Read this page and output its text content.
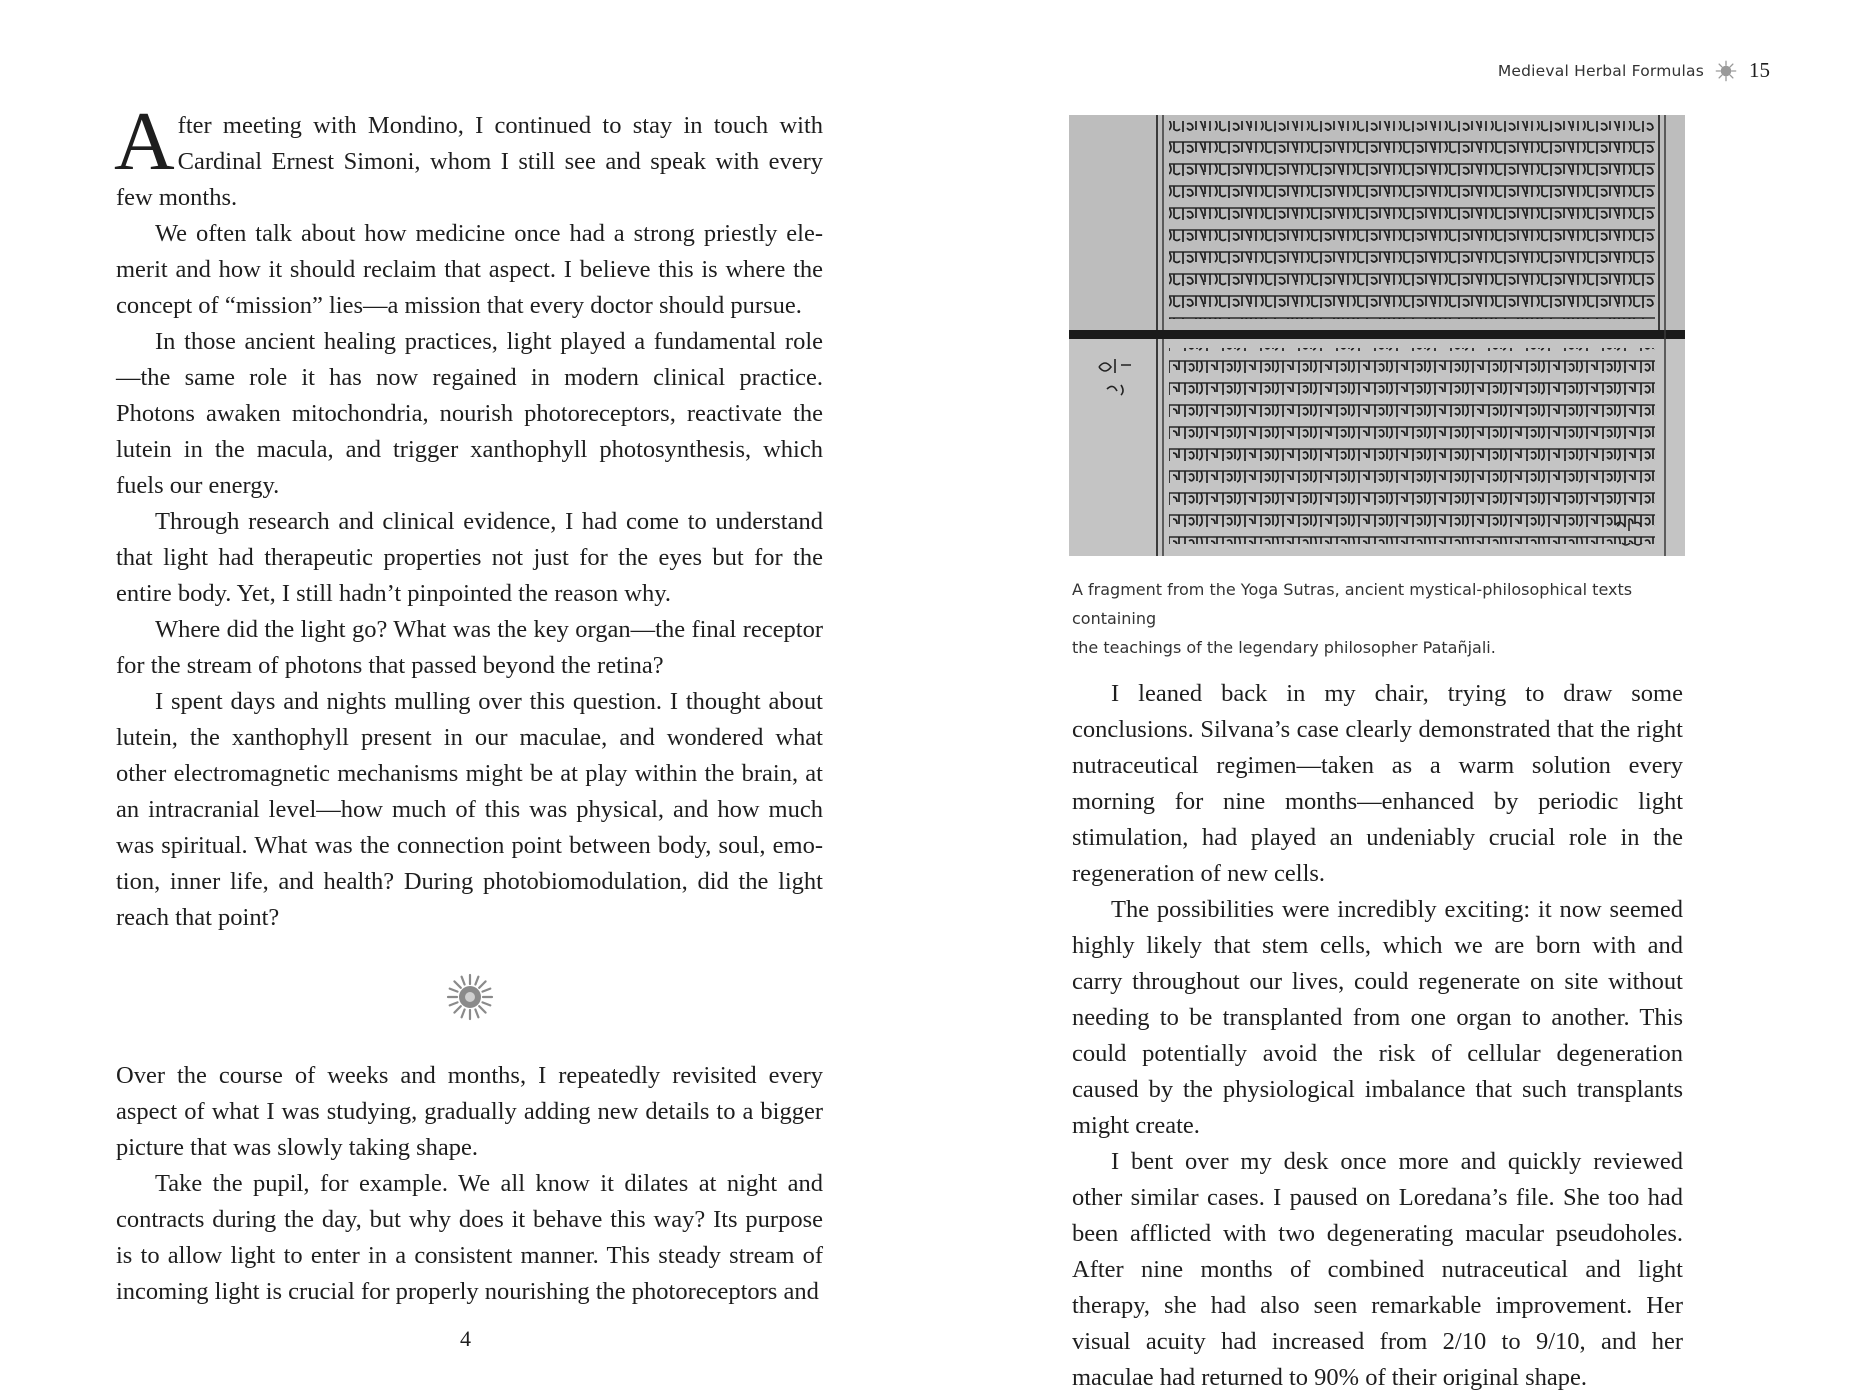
After meeting with Mondino, I continued to stay in touch with Cardinal Ernest Simoni, whom I still see and speak with every few months.

We often talk about how medicine once had a strong priestly elemerit and how it should reclaim that aspect. I believe this is where the concept of “mission” lies—a mission that every doctor should pursue.

In those ancient healing practices, light played a fundamental role—the same role it has now regained in modern clinical practice. Photons awaken mitochondria, nourish photoreceptors, reactivate the lutein in the macula, and trigger xanthophyll photosynthesis, which fuels our energy.

Through research and clinical evidence, I had come to understand that light had therapeutic properties not just for the eyes but for the entire body. Yet, I still hadn’t pinpointed the reason why.

Where did the light go? What was the key organ—the final receptor for the stream of photons that passed beyond the retina?

I spent days and nights mulling over this question. I thought about lutein, the xanthophyll present in our maculae, and wondered what other electromagnetic mechanisms might be at play within the brain, at an intracranial level—how much of this was physical, and how much was spiritual. What was the connection point between body, soul, emotion, inner life, and health? During photobiomodulation, did the light reach that point?

Over the course of weeks and months, I repeatedly revisited every aspect of what I was studying, gradually adding new details to a bigger picture that was slowly taking shape.

Take the pupil, for example. We all know it dilates at night and contracts during the day, but why does it behave this way? Its purpose is to allow light to enter in a consistent manner. This steady stream of incoming light is crucial for properly nourishing the photoreceptors and

4
Medieval Herbal Formulas 15
A fragment from the Yoga Sutras, ancient mystical-philosophical texts containing
the teachings of the legendary philosopher Patañjali.

I leaned back in my chair, trying to draw some conclusions. Silvana’s case clearly demonstrated that the right nutraceutical regimen—taken as a warm solution every morning for nine months—enhanced by periodic light stimulation, had played an undeniably crucial role in the regeneration of new cells.

The possibilities were incredibly exciting: it now seemed highly likely that stem cells, which we are born with and carry throughout our lives, could regenerate on site without needing to be transplanted from one organ to another. This could potentially avoid the risk of cellular degeneration caused by the physiological imbalance that such transplants might create.

I bent over my desk once more and quickly reviewed other similar cases. I paused on Loredana’s file. She too had been afflicted with two degenerating macular pseudoholes. After nine months of combined nutraceutical and light therapy, she had also seen remarkable improvement. Her visual acuity had increased from 2/10 to 9/10, and her maculae had returned to 90% of their original shape.
